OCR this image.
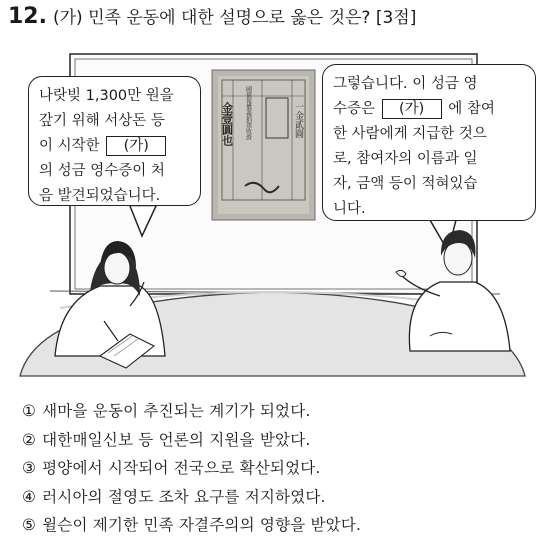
12. (가) 민족 운동에 대한 설명으로 옳은 것은? [3점]
一金貳圓
國債報償義捐領收證
金壹圓也
나랏빚 1,300만 원을
갚기 위해 서상돈 등
이 시작한 (가)
의 성금 영수증이 처
음 발견되었습니다.
그렇습니다. 이 성금 영
수증은 (가) 에 참여
한 사람에게 지급한 것으
로, 참여자의 이름과 일
자, 금액 등이 적혀있습
니다.
① 새마을 운동이 추진되는 계기가 되었다.
② 대한매일신보 등 언론의 지원을 받았다.
③ 평양에서 시작되어 전국으로 확산되었다.
④ 러시아의 절영도 조차 요구를 저지하였다.
⑤ 윌슨이 제기한 민족 자결주의의 영향을 받았다.
